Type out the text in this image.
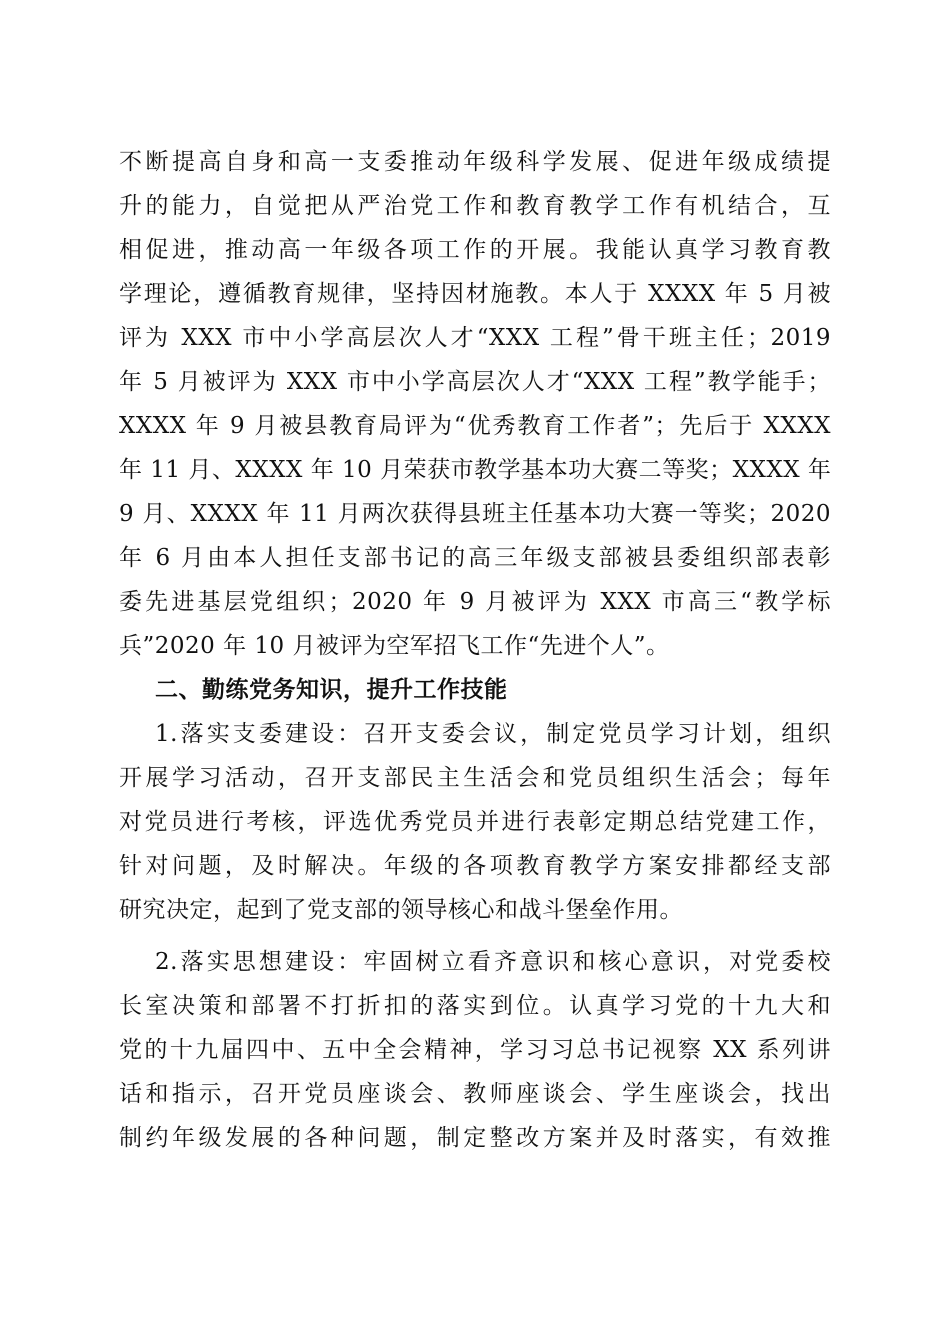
不断提高自身和高一支委推动年级科学发展、促进年级成绩提
升的能力，自觉把从严治党工作和教育教学工作有机结合，互
相促进，推动高一年级各项工作的开展。我能认真学习教育教
学理论，遵循教育规律，坚持因材施教。本人于 XXXX 年 5 月被
评为 XXX 市中小学高层次人才“XXX 工程”骨干班主任；2019
年 5 月被评为 XXX 市中小学高层次人才“XXX 工程”教学能手；
XXXX 年 9 月被县教育局评为“优秀教育工作者”；先后于 XXXX
年 11 月、XXXX 年 10 月荣获市教学基本功大赛二等奖；XXXX 年
9 月、XXXX 年 11 月两次获得县班主任基本功大赛一等奖；2020
年 6 月由本人担任支部书记的高三年级支部被县委组织部表彰
委先进基层党组织；2020 年 9 月被评为 XXX 市高三“教学标
兵”2020 年 10 月被评为空军招飞工作“先进个人”。
二、勤练党务知识，提升工作技能
1.落实支委建设：召开支委会议，制定党员学习计划，组织
开展学习活动，召开支部民主生活会和党员组织生活会；每年
对党员进行考核，评选优秀党员并进行表彰定期总结党建工作，
针对问题，及时解决。年级的各项教育教学方案安排都经支部
研究决定，起到了党支部的领导核心和战斗堡垒作用。
2.落实思想建设：牢固树立看齐意识和核心意识，对党委校
长室决策和部署不打折扣的落实到位。认真学习党的十九大和
党的十九届四中、五中全会精神，学习习总书记视察 XX 系列讲
话和指示，召开党员座谈会、教师座谈会、学生座谈会，找出
制约年级发展的各种问题，制定整改方案并及时落实，有效推
